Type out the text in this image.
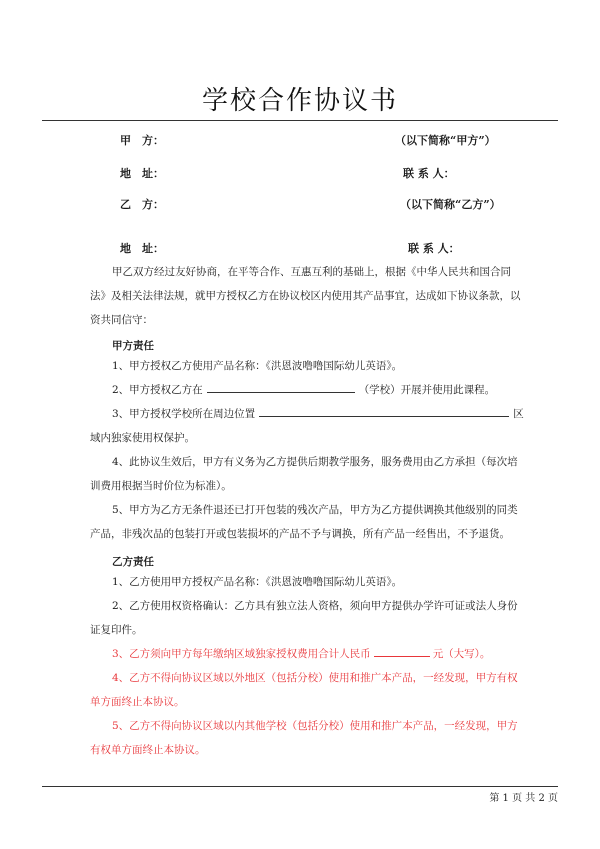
学校合作协议书
甲　方：	（以下简称“甲方”）
地　址：	联 系 人：
乙　方：	（以下简称“乙方”）
地　址：	联 系 人：

甲乙双方经过友好协商，在平等合作、互惠互利的基础上，根据《中华人民共和国合同法》及相关法律法规，就甲方授权乙方在协议校区内使用其产品事宜，达成如下协议条款，以资共同信守：

甲方责任

1、甲方授权乙方使用产品名称：《洪恩波噜噜国际幼儿英语》。

2、甲方授权乙方在	（学校）开展并使用此课程。

3、甲方授权学校所在周边位置	区域内独家使用权保护。

4、此协议生效后，甲方有义务为乙方提供后期教学服务，服务费用由乙方承担（每次培训费用根据当时价位为标准）。

5、甲方为乙方无条件退还已打开包装的残次产品，甲方为乙方提供调换其他级别的同类产品，非残次品的包装打开或包装损坏的产品不予与调换，所有产品一经售出，不予退货。

乙方责任

1、乙方使用甲方授权产品名称：《洪恩波噜噜国际幼儿英语》。

2、乙方使用权资格确认：乙方具有独立法人资格，须向甲方提供办学许可证或法人身份证复印件。

3、乙方须向甲方每年缴纳区域独家授权费用合计人民币	元（大写）。

4、乙方不得向协议区域以外地区（包括分校）使用和推广本产品，一经发现，甲方有权单方面终止本协议。

5、乙方不得向协议区域以内其他学校（包括分校）使用和推广本产品，一经发现，甲方有权单方面终止本协议。

第 1 页 共 2 页
